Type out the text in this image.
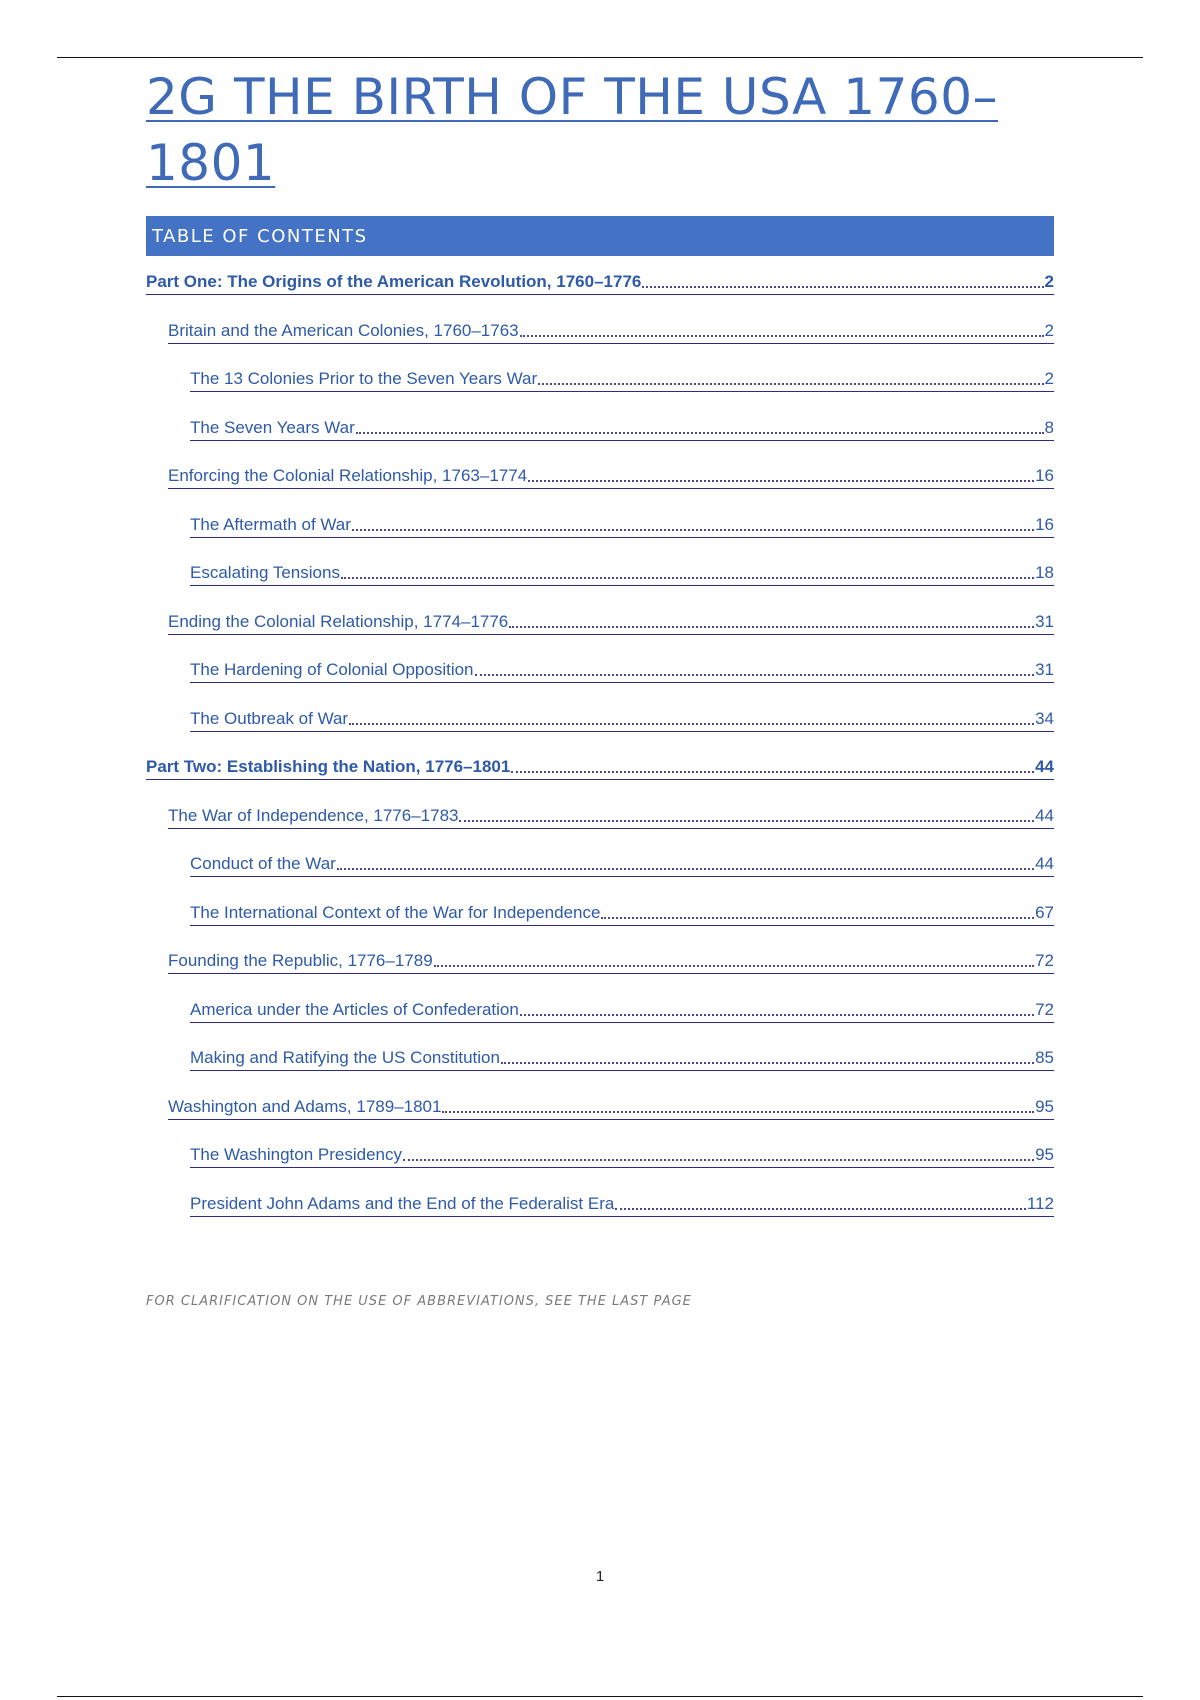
2G THE BIRTH OF THE USA 1760–1801
TABLE OF CONTENTS
Part One: The Origins of the American Revolution, 1760–1776	2
Britain and the American Colonies, 1760–1763	2
The 13 Colonies Prior to the Seven Years War	2
The Seven Years War	8
Enforcing the Colonial Relationship, 1763–1774	16
The Aftermath of War	16
Escalating Tensions	18
Ending the Colonial Relationship, 1774–1776	31
The Hardening of Colonial Opposition	31
The Outbreak of War	34
Part Two: Establishing the Nation, 1776–1801	44
The War of Independence, 1776–1783	44
Conduct of the War	44
The International Context of the War for Independence	67
Founding the Republic, 1776–1789	72
America under the Articles of Confederation	72
Making and Ratifying the US Constitution	85
Washington and Adams, 1789–1801	95
The Washington Presidency	95
President John Adams and the End of the Federalist Era	112
FOR CLARIFICATION ON THE USE OF ABBREVIATIONS, SEE THE LAST PAGE
1
